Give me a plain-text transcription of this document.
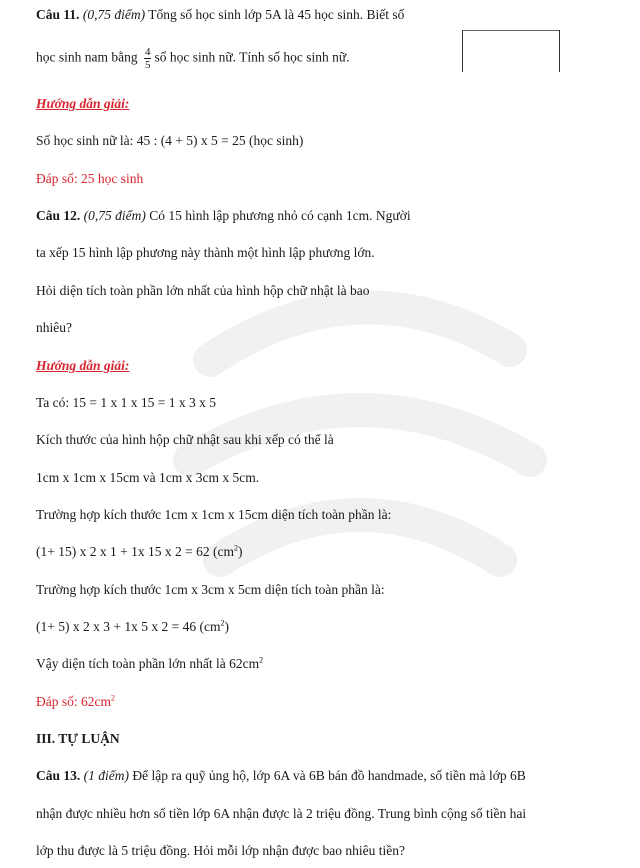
Câu 11. (0,75 điểm) Tổng số học sinh lớp 5A là 45 học sinh. Biết số
học sinh nam bằng $\frac{4}{5}$ số học sinh nữ. Tính số học sinh nữ.
Hướng dẫn giải:
Số học sinh nữ là: 45 : (4 + 5) x 5 = 25 (học sinh)
Đáp số: 25 học sinh
Câu 12. (0,75 điểm) Có 15 hình lập phương nhỏ có cạnh 1cm. Người
ta xếp 15 hình lập phương này thành một hình lập phương lớn.
Hỏi diện tích toàn phần lớn nhất của hình hộp chữ nhật là bao
nhiêu?
Hướng dẫn giải:
Ta có: 15 = 1 x 1 x 15 = 1 x 3 x 5
Kích thước của hình hộp chữ nhật sau khi xếp có thể là
1cm x 1cm x 15cm và 1cm x 3cm x 5cm.
Trường hợp kích thước 1cm x 1cm x 15cm diện tích toàn phần là:
(1+ 15) x 2 x 1 + 1x 15 x 2 = 62 $(cm^2)$
Trường hợp kích thước 1cm x 3cm x 5cm diện tích toàn phần là:
(1+ 5) x 2 x 3 + 1x 5 x 2 = 46 $(cm^2)$
Vậy diện tích toàn phần lớn nhất là $62cm^2$
Đáp số: $62cm^2$
III. TỰ LUẬN
Câu 13. (1 điểm) Để lập ra quỹ ủng hộ, lớp 6A và 6B bán đồ handmade, số tiền mà lớp 6B
nhận được nhiều hơn số tiền lớp 6A nhận được là 2 triệu đồng. Trung bình cộng số tiền hai
lớp thu được là 5 triệu đồng. Hỏi mỗi lớp nhận được bao nhiêu tiền?
